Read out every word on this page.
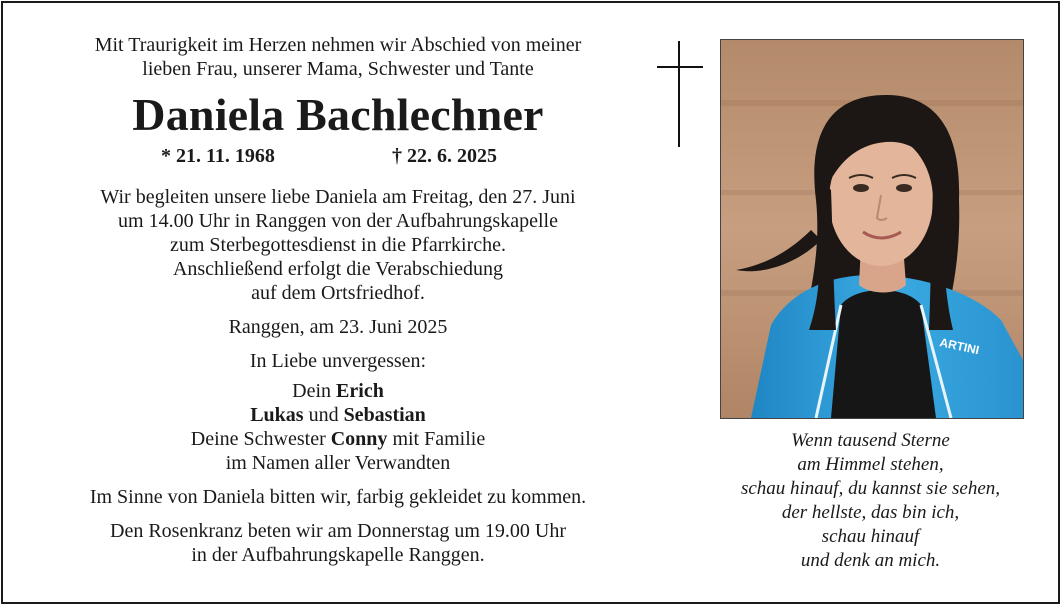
Mit Traurigkeit im Herzen nehmen wir Abschied von meiner
lieben Frau, unserer Mama, Schwester und Tante
Daniela Bachlechner
* 21. 11. 1968	† 22. 6. 2025
Wir begleiten unsere liebe Daniela am Freitag, den 27. Juni
um 14.00 Uhr in Ranggen von der Aufbahrungskapelle
zum Sterbegottesdienst in die Pfarrkirche.
Anschließend erfolgt die Verabschiedung
auf dem Ortsfriedhof.
Ranggen, am 23. Juni 2025
In Liebe unvergessen:
Dein Erich
Lukas und Sebastian
Deine Schwester Conny mit Familie
im Namen aller Verwandten
Im Sinne von Daniela bitten wir, farbig gekleidet zu kommen.
Den Rosenkranz beten wir am Donnerstag um 19.00 Uhr
in der Aufbahrungskapelle Ranggen.
ARTINI
Wenn tausend Sterne
am Himmel stehen,
schau hinauf, du kannst sie sehen,
der hellste, das bin ich,
schau hinauf
und denk an mich.
